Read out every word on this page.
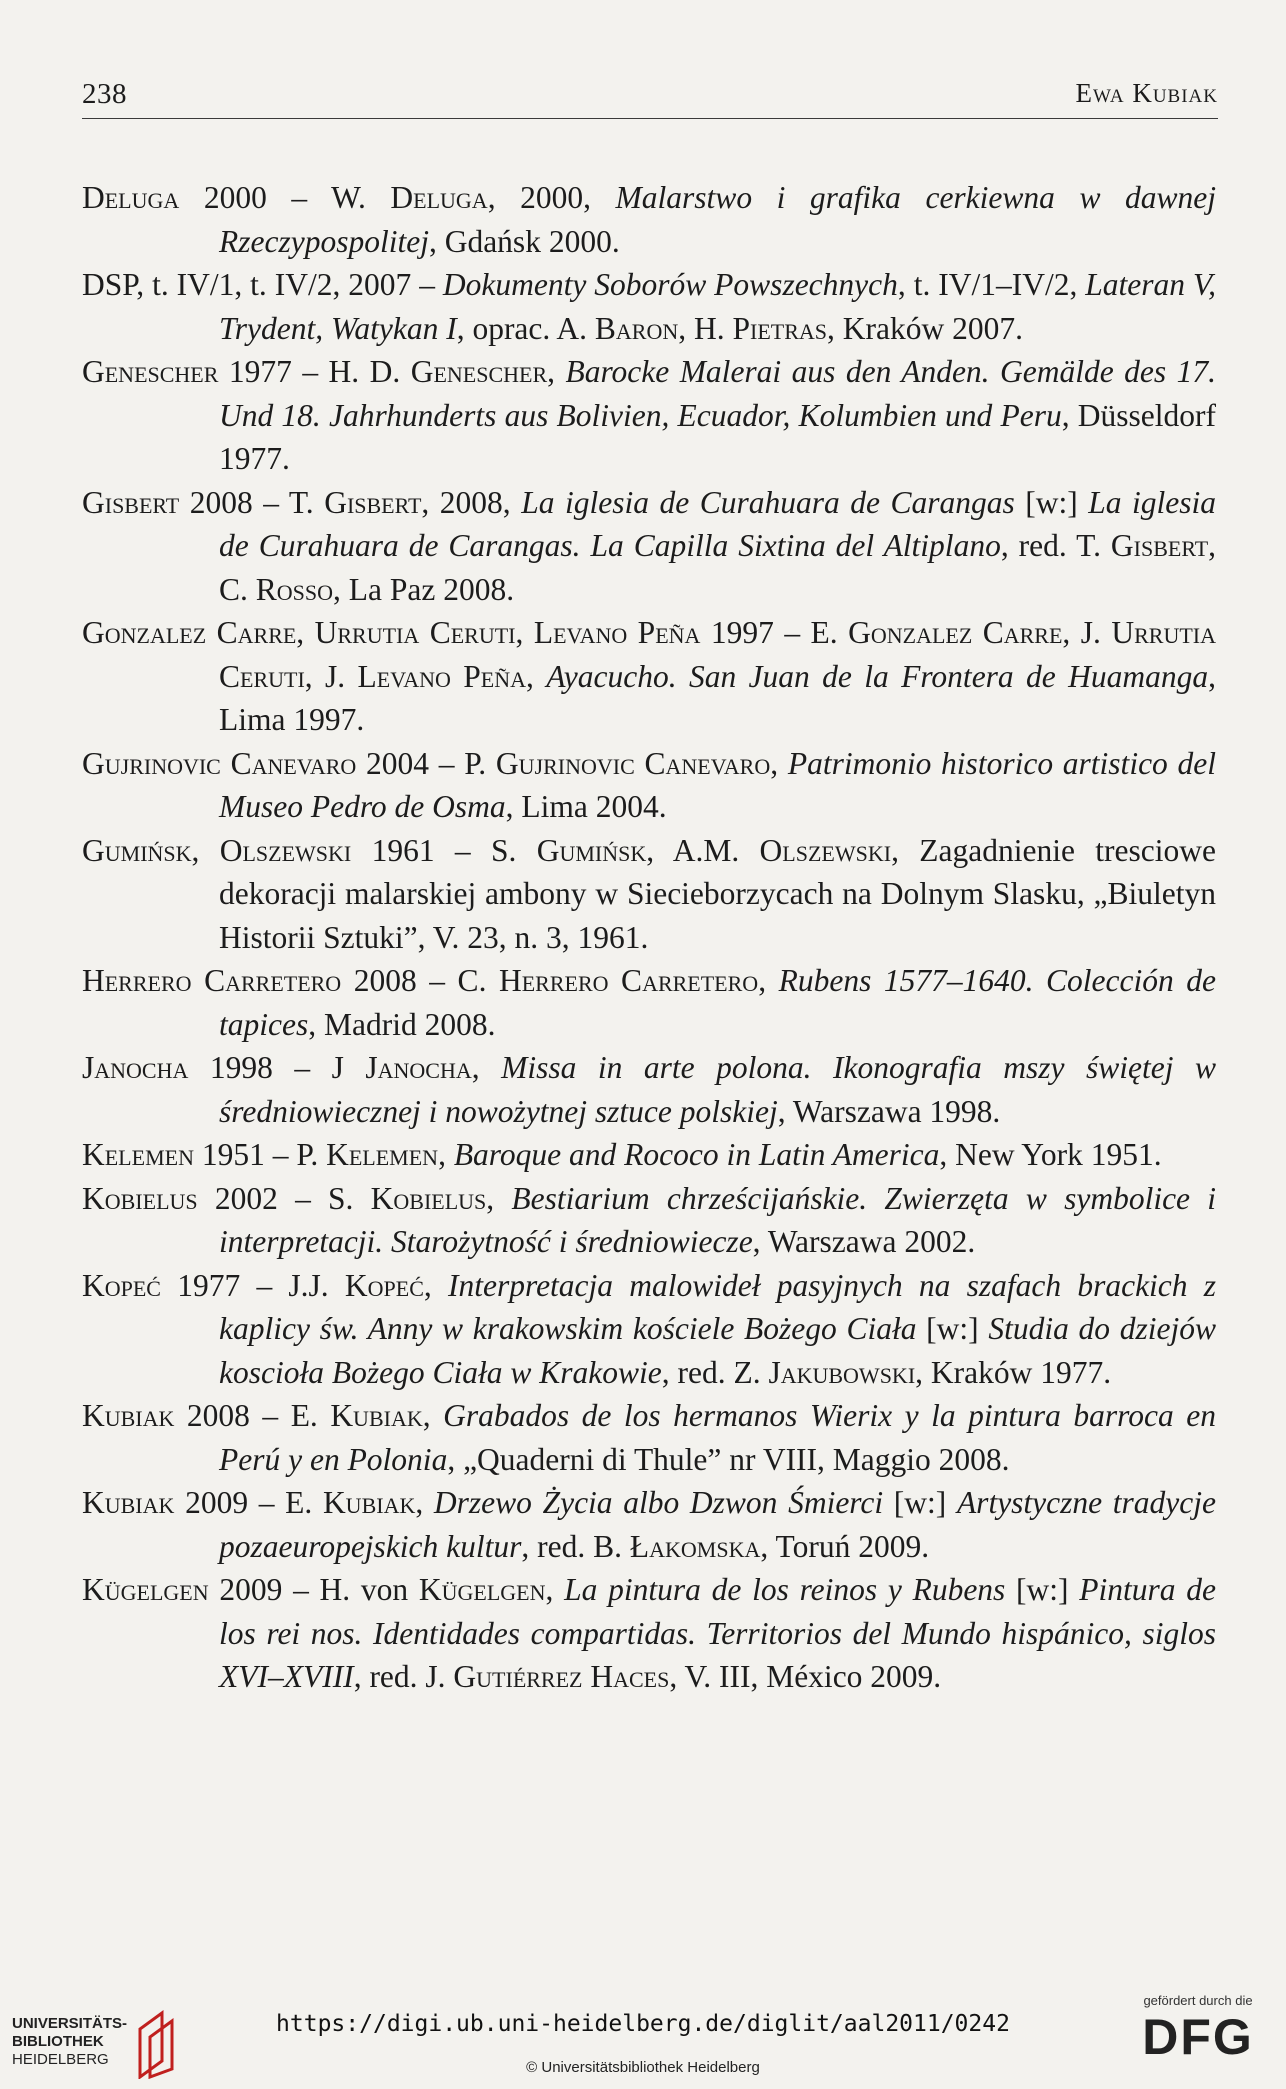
238	Ewa Kubiak
Deluga 2000 – W. Deluga, 2000, Malarstwo i grafika cerkiewna w dawnej Rzeczypospolitej, Gdańsk 2000.
DSP, t. IV/1, t. IV/2, 2007 – Dokumenty Soborów Powszechnych, t. IV/1–IV/2, Lateran V, Trydent, Watykan I, oprac. A. Baron, H. Pietras, Kraków 2007.
Genescher 1977 – H. D. Genescher, Barocke Malerai aus den Anden. Gemälde des 17. Und 18. Jahrhunderts aus Bolivien, Ecuador, Kolumbien und Peru, Düsseldorf 1977.
Gisbert 2008 – T. Gisbert, 2008, La iglesia de Curahuara de Carangas [w:] La iglesia de Curahuara de Carangas. La Capilla Sixtina del Altiplano, red. T. Gisbert, C. Rosso, La Paz 2008.
Gonzalez Carre, Urrutia Ceruti, Levano Peña 1997 – E. Gonzalez Carre, J. Urrutia Ceruti, J. Levano Peña, Ayacucho. San Juan de la Frontera de Huamanga, Lima 1997.
Gujrinovic Canevaro 2004 – P. Gujrinovic Canevaro, Patrimonio historico artistico del Museo Pedro de Osma, Lima 2004.
Gumińsk, Olszewski 1961 – S. Gumińsk, A.M. Olszewski, Zagadnienie tresciowe dekoracji malarskiej ambony w Siecieborzycach na Dolnym Slasku, „Biuletyn Historii Sztuki”, V. 23, n. 3, 1961.
Herrero Carretero 2008 – C. Herrero Carretero, Rubens 1577–1640. Colección de tapices, Madrid 2008.
Janocha 1998 – J Janocha, Missa in arte polona. Ikonografia mszy świętej w średniowiecznej i nowożytnej sztuce polskiej, Warszawa 1998.
Kelemen 1951 – P. Kelemen, Baroque and Rococo in Latin America, New York 1951.
Kobielus 2002 – S. Kobielus, Bestiarium chrześcijańskie. Zwierzęta w symbolice i interpretacji. Starożytność i średniowiecze, Warszawa 2002.
Kopeć 1977 – J.J. Kopeć, Interpretacja malowideł pasyjnych na szafach brackich z kaplicy św. Anny w krakowskim kościele Bożego Ciała [w:] Studia do dziejów koscioła Bożego Ciała w Krakowie, red. Z. Jakubowski, Kraków 1977.
Kubiak 2008 – E. Kubiak, Grabados de los hermanos Wierix y la pintura barroca en Perú y en Polonia, „Quaderni di Thule” nr VIII, Maggio 2008.
Kubiak 2009 – E. Kubiak, Drzewo Życia albo Dzwon Śmierci [w:] Artystyczne tradycje pozaeuropejskich kultur, red. B. Łakomska, Toruń 2009.
Kügelgen 2009 – H. von Kügelgen, La pintura de los reinos y Rubens [w:] Pintura de los rei nos. Identidades compartidas. Territorios del Mundo hispánico, siglos XVI–XVIII, red. J. Gutiérrez Haces, V. III, México 2009.
UNIVERSITÄTS-
BIBLIOTHEK
HEIDELBERG
https://digi.ub.uni-heidelberg.de/diglit/aal2011/0242
© Universitätsbibliothek Heidelberg
gefördert durch die
DFG
